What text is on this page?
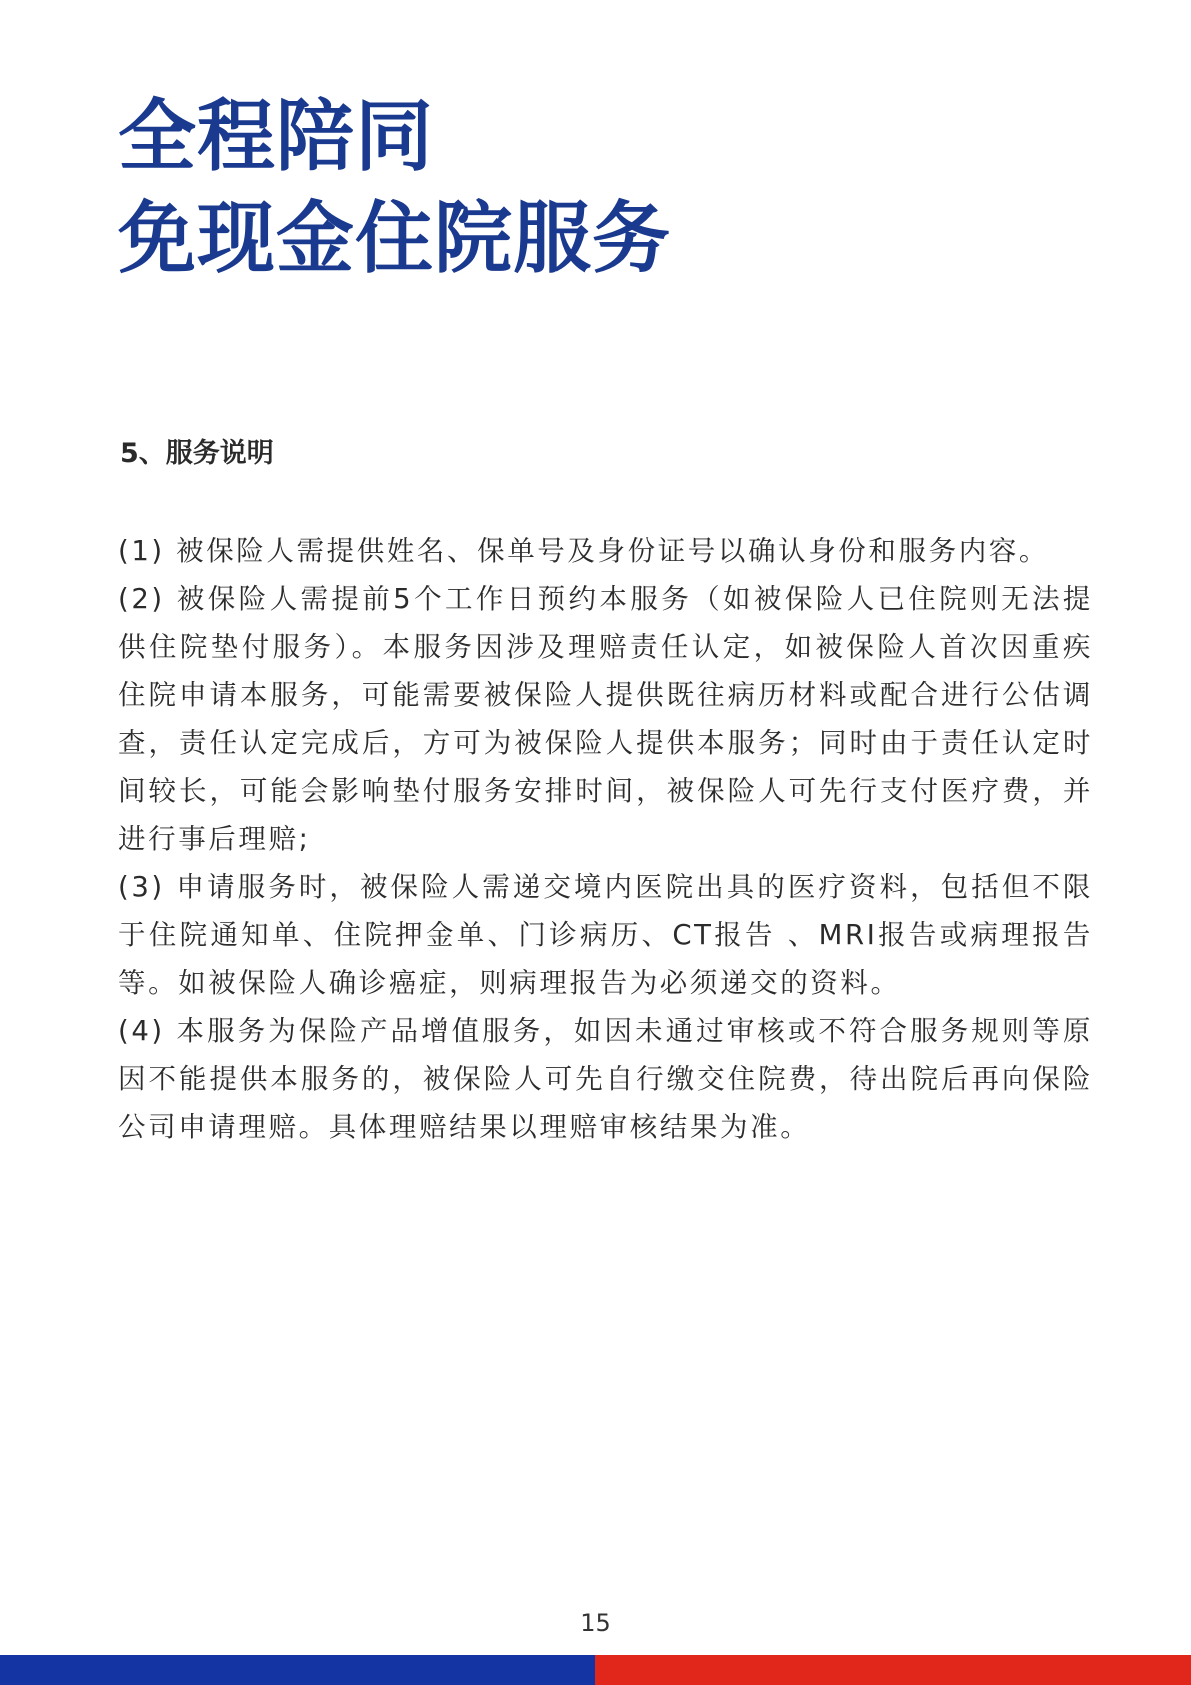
全程陪同
免现金住院服务
5、服务说明

(1) 被保险人需提供姓名、保单号及身份证号以确认身份和服务内容。

(2) 被保险人需提前5个工作日预约本服务（如被保险人已住院则无法提供住院垫付服务）。本服务因涉及理赔责任认定，如被保险人首次因重疾住院申请本服务，可能需要被保险人提供既往病历材料或配合进行公估调查，责任认定完成后，方可为被保险人提供本服务；同时由于责任认定时间较长，可能会影响垫付服务安排时间，被保险人可先行支付医疗费，并进行事后理赔;

(3) 申请服务时，被保险人需递交境内医院出具的医疗资料，包括但不限于住院通知单、住院押金单、门诊病历、CT报告 、MRI报告或病理报告等。如被保险人确诊癌症，则病理报告为必须递交的资料。

(4) 本服务为保险产品增值服务，如因未通过审核或不符合服务规则等原因不能提供本服务的，被保险人可先自行缴交住院费，待出院后再向保险公司申请理赔。具体理赔结果以理赔审核结果为准。

15
